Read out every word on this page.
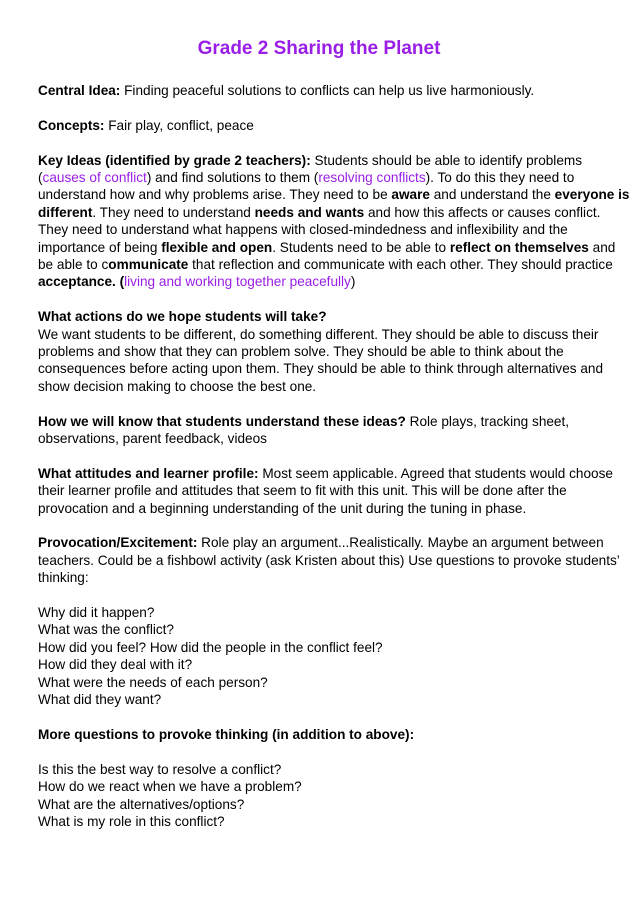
Grade 2 Sharing the Planet

Central Idea: Finding peaceful solutions to conflicts can help us live harmoniously.

Concepts: Fair play, conflict, peace

Key Ideas (identified by grade 2 teachers): Students should be able to identify problems
(causes of conflict) and find solutions to them (resolving conflicts). To do this they need to
understand how and why problems arise. They need to be aware and understand the everyone is
different. They need to understand needs and wants and how this affects or causes conflict.
They need to understand what happens with closed-mindedness and inflexibility and the
importance of being flexible and open. Students need to be able to reflect on themselves and
be able to communicate that reflection and communicate with each other. They should practice
acceptance. (living and working together peacefully)
What actions do we hope students will take?
We want students to be different, do something different. They should be able to discuss their
problems and show that they can problem solve. They should be able to think about the
consequences before acting upon them. They should be able to think through alternatives and
show decision making to choose the best one.
How we will know that students understand these ideas? Role plays, tracking sheet,
observations, parent feedback, videos
What attitudes and learner profile: Most seem applicable. Agreed that students would choose
their learner profile and attitudes that seem to fit with this unit. This will be done after the
provocation and a beginning understanding of the unit during the tuning in phase.
Provocation/Excitement: Role play an argument...Realistically. Maybe an argument between
teachers. Could be a fishbowl activity (ask Kristen about this) Use questions to provoke students’
thinking:
Why did it happen?
What was the conflict?
How did you feel? How did the people in the conflict feel?
How did they deal with it?
What were the needs of each person?
What did they want?
More questions to provoke thinking (in addition to above):
Is this the best way to resolve a conflict?
How do we react when we have a problem?
What are the alternatives/options?
What is my role in this conflict?
